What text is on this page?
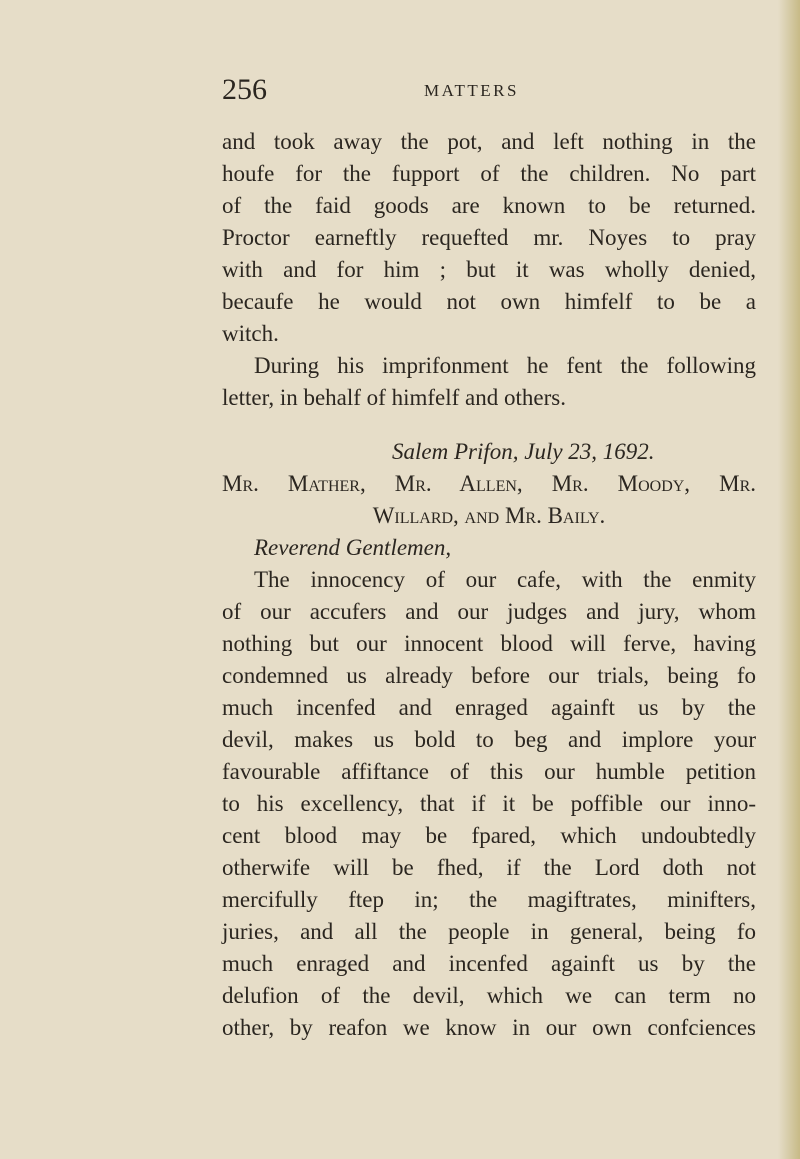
256	MATTERS
and took away the pot, and left nothing in the
houfe for the fupport of the children. No part
of the faid goods are known to be returned.
Proctor earneftly requefted mr. Noyes to pray
with and for him ; but it was wholly denied,
becaufe he would not own himfelf to be a
witch.
During his imprifonment he fent the following
letter, in behalf of himfelf and others.
Salem Prifon, July 23, 1692.
Mr. Mather, Mr. Allen, Mr. Moody, Mr.
Willard, and Mr. Baily.
Reverend Gentlemen,
The innocency of our cafe, with the enmity
of our accufers and our judges and jury, whom
nothing but our innocent blood will ferve, having
condemned us already before our trials, being fo
much incenfed and enraged againft us by the
devil, makes us bold to beg and implore your
favourable affiftance of this our humble petition
to his excellency, that if it be poffible our inno-
cent blood may be fpared, which undoubtedly
otherwife will be fhed, if the Lord doth not
mercifully ftep in; the magiftrates, minifters,
juries, and all the people in general, being fo
much enraged and incenfed againft us by the
delufion of the devil, which we can term no
other, by reafon we know in our own confciences
